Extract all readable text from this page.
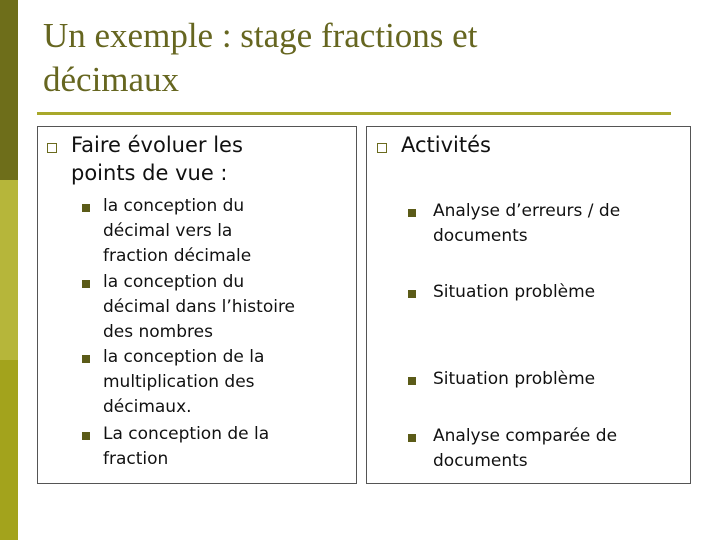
Un exemple : stage fractions et
décimaux
Faire évoluer les
points de vue :
la conception du
décimal vers la
fraction décimale
la conception du
décimal dans l’histoire
des nombres
la conception de la
multiplication des
décimaux.
La conception de la
fraction
Activités
Analyse d’erreurs / de
documents
Situation problème
Situation problème
Analyse comparée de
documents
